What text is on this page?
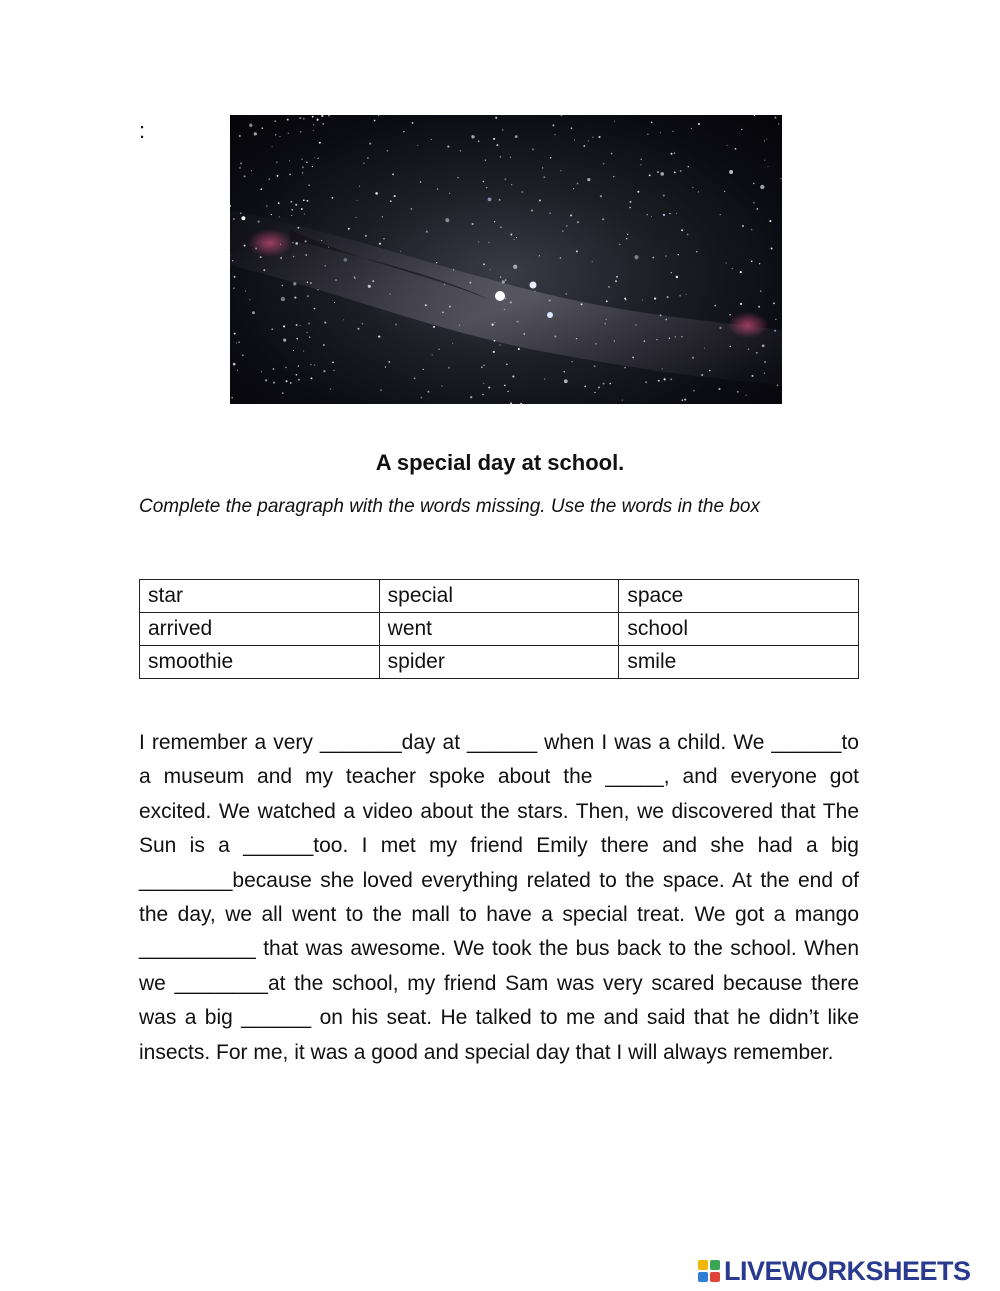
:
A special day at school.
Complete the paragraph with the words missing. Use the words in the box
star	special	space
arrived	went	school
smoothie	spider	smile

I remember a very _______day at ______ when I was a child. We ______to a museum and my teacher spoke about the _____, and everyone got excited. We watched a video about the stars. Then, we discovered that The Sun is a ______too. I met my friend Emily there and she had a big ________because she loved everything related to the space. At the end of the day, we all went to the mall to have a special treat. We got a mango __________ that was awesome. We took the bus back to the school. When we ________at the school, my friend Sam was very scared because there was a big ______ on his seat. He talked to me and said that he didn’t like insects. For me, it was a good and special day that I will always remember.

LIVEWORKSHEETS
